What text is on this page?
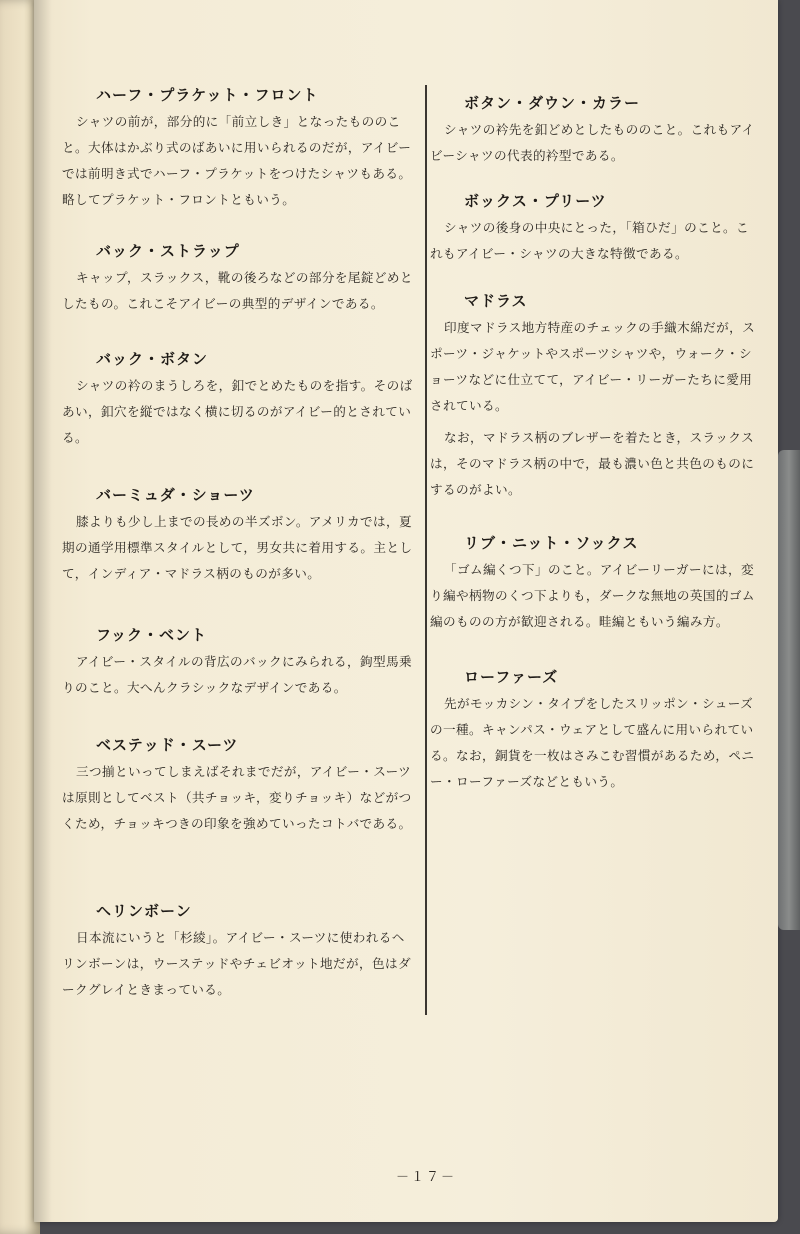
ハーフ・プラケット・フロント

シャツの前が，部分的に「前立しき」となったもののこと。大体はかぶり式のばあいに用いられるのだが，アイビーでは前明き式でハーフ・プラケットをつけたシャツもある。略してプラケット・フロントともいう。

バック・ストラップ

キャップ，スラックス，靴の後ろなどの部分を尾錠どめとしたもの。これこそアイビーの典型的デザインである。

バック・ボタン

シャツの衿のまうしろを，釦でとめたものを指す。そのばあい，釦穴を縦ではなく横に切るのがアイビー的とされている。

バーミュダ・ショーツ

膝よりも少し上までの長めの半ズボン。アメリカでは，夏期の通学用標準スタイルとして，男女共に着用する。主として，インディア・マドラス柄のものが多い。

フック・ベント

アイビー・スタイルの背広のバックにみられる，鉤型馬乗りのこと。大へんクラシックなデザインである。

ベステッド・スーツ

三つ揃といってしまえばそれまでだが，アイビー・スーツは原則としてベスト（共チョッキ，変りチョッキ）などがつくため，チョッキつきの印象を強めていったコトバである。

ヘリンボーン

日本流にいうと「杉綾」。アイビー・スーツに使われるヘリンボーンは，ウーステッドやチェビオット地だが，色はダークグレイときまっている。

ボタン・ダウン・カラー

シャツの衿先を釦どめとしたもののこと。これもアイビーシャツの代表的衿型である。

ボックス・プリーツ

シャツの後身の中央にとった，「箱ひだ」のこと。これもアイビー・シャツの大きな特徴である。

マドラス

印度マドラス地方特産のチェックの手織木綿だが，スポーツ・ジャケットやスポーツシャツや，ウォーク・ショーツなどに仕立てて，アイビー・リーガーたちに愛用されている。

なお，マドラス柄のブレザーを着たとき，スラックスは，そのマドラス柄の中で，最も濃い色と共色のものにするのがよい。

リブ・ニット・ソックス

「ゴム編くつ下」のこと。アイビーリーガーには，変り編や柄物のくつ下よりも，ダークな無地の英国的ゴム編のものの方が歓迎される。畦編ともいう編み方。

ローファーズ

先がモッカシン・タイプをしたスリッポン・シューズの一種。キャンパス・ウェアとして盛んに用いられている。なお，銅貨を一枚はさみこむ習慣があるため，ペニー・ローファーズなどともいう。

－１７－
